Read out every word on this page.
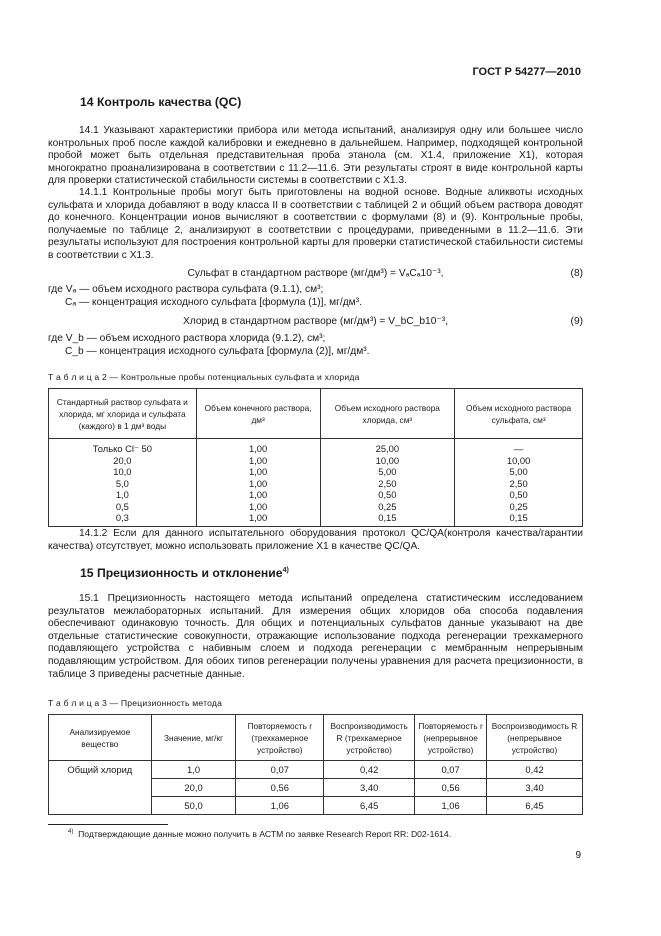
ГОСТ Р 54277—2010
14 Контроль качества (QC)

14.1 Указывают характеристики прибора или метода испытаний, анализируя одну или большее число контрольных проб после каждой калибровки и ежедневно в дальнейшем. Например, подходящей контрольной пробой может быть отдельная представительная проба этанола (см. X1.4, приложение X1), которая многократно проанализирована в соответствии с 11.2—11.6. Эти результаты строят в виде контрольной карты для проверки статистической стабильности системы в соответствии с X1.3.

14.1.1 Контрольные пробы могут быть приготовлены на водной основе. Водные аликвоты исходных сульфата и хлорида добавляют в воду класса II в соответствии с таблицей 2 и общий объем раствора доводят до конечного. Концентрации ионов вычисляют в соответствии с формулами (8) и (9). Контрольные пробы, получаемые по таблице 2, анализируют в соответствии с процедурами, приведенными в 11.2—11.6. Эти результаты используют для построения контрольной карты для проверки статистической стабильности системы в соответствии с X1.3.

Сульфат в стандартном растворе (мг/дм³) = VₐCₐ10⁻³,	(8)
где Vₐ — объем исходного раствора сульфата (9.1.1), см³;
Cₐ — концентрация исходного сульфата [формула (1)], мг/дм³.
Хлорид в стандартном растворе (мг/дм³) = V_bC_b10⁻³,	(9)
где V_b — объем исходного раствора хлорида (9.1.2), см³;
C_b — концентрация исходного сульфата [формула (2)], мг/дм³.
Т а б л и ц а 2 — Контрольные пробы потенциальных сульфата и хлорида
Стандартный раствор сульфата и хлорида, мг хлорида и сульфата (каждого) в 1 дм³ воды	Объем конечного раствора, дм³	Объем исходного раствора хлорида, см³	Объем исходного раствора сульфата, см³
Только Cl⁻ 50	1,00	25,00	—
20,0	1,00	10,00	10,00
10,0	1,00	5,00	5,00
5,0	1,00	2,50	2,50
1,0	1,00	0,50	0,50
0,5	1,00	0,25	0,25
0,3	1,00	0,15	0,15

14.1.2 Если для данного испытательного оборудования протокол QC/QA(контроля качества/гарантии качества) отсутствует, можно использовать приложение X1 в качестве QC/QA.

15 Прецизионность и отклонение$^{4)}$

15.1 Прецизионность настоящего метода испытаний определена статистическим исследованием результатов межлабораторных испытаний. Для измерения общих хлоридов оба способа подавления обеспечивают одинаковую точность. Для общих и потенциальных сульфатов данные указывают на две отдельные статистические совокупности, отражающие использование подхода регенерации трехкамерного подавляющего устройства с набивным слоем и подхода регенерации с мембранным непрерывным подавляющим устройством. Для обоих типов регенерации получены уравнения для расчета прецизионности, в таблице 3 приведены расчетные данные.

Т а б л и ц а 3 — Прецизионность метода
Анализируемое вещество	Значение, мг/кг	Повторяемость r (трехкамерное устройство)	Воспроизводимость R (трехкамерное устройство)	Повторяемость r (непрерывное устройство)	Воспроизводимость R (непрерывное устройство)
Общий хлорид	1,0	0,07	0,42	0,07	0,42
	20,0	0,56	3,40	0,56	3,40
	50,0	1,06	6,45	1,06	6,45
$^{4)}$ Подтверждающие данные можно получить в АСТМ по заявке Research Report RR: D02-1614.
9
